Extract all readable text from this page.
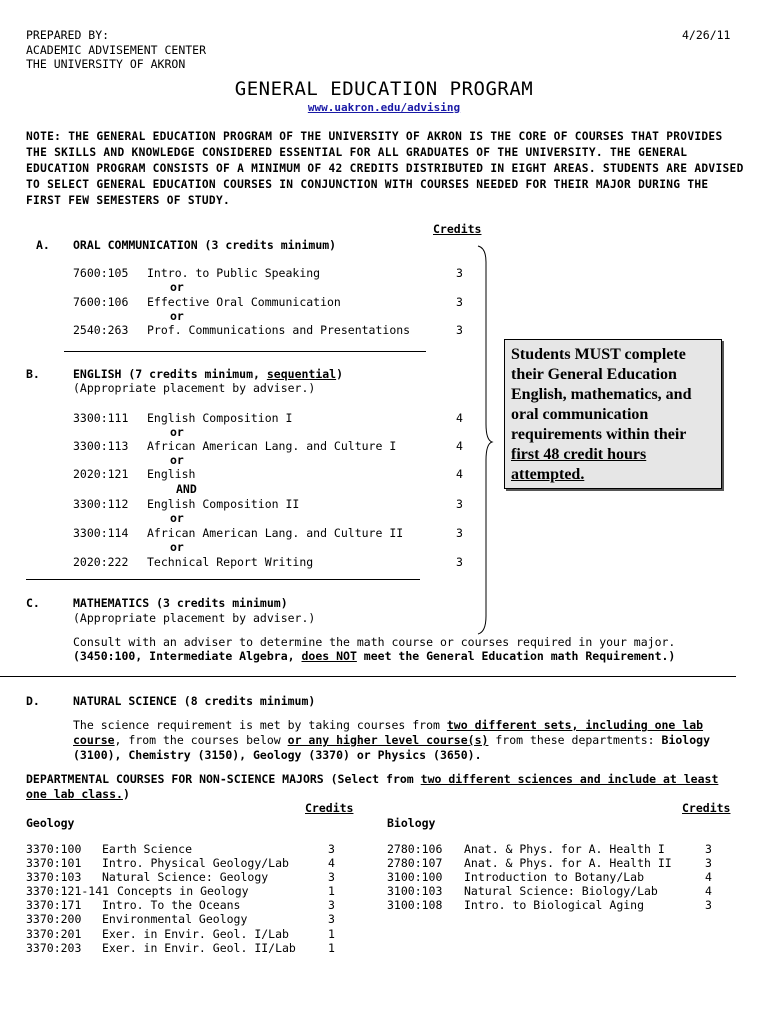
PREPARED BY:
ACADEMIC ADVISEMENT CENTER
THE UNIVERSITY OF AKRON
4/26/11
GENERAL EDUCATION PROGRAM
www.uakron.edu/advising
NOTE: THE GENERAL EDUCATION PROGRAM OF THE UNIVERSITY OF AKRON IS THE CORE OF COURSES THAT PROVIDES THE SKILLS AND KNOWLEDGE CONSIDERED ESSENTIAL FOR ALL GRADUATES OF THE UNIVERSITY. THE GENERAL EDUCATION PROGRAM CONSISTS OF A MINIMUM OF 42 CREDITS DISTRIBUTED IN EIGHT AREAS. STUDENTS ARE ADVISED TO SELECT GENERAL EDUCATION COURSES IN CONJUNCTION WITH COURSES NEEDED FOR THEIR MAJOR DURING THE FIRST FEW SEMESTERS OF STUDY.
Credits
A. ORAL COMMUNICATION (3 credits minimum)
7600:105 Intro. to Public Speaking	3
or
7600:106 Effective Oral Communication	3
or
2540:263 Prof. Communications and Presentations	3
B.	ENGLISH (7 credits minimum, sequential)
(Appropriate placement by adviser.)
3300:111 English Composition I	4
or
3300:113 African American Lang. and Culture I	4
or
2020:121 English	4
AND
3300:112 English Composition II	3
or
3300:114 African American Lang. and Culture II	3
or
2020:222 Technical Report Writing	3
Students MUST complete their General Education English, mathematics, and oral communication requirements within their first 48 credit hours attempted.
C.	MATHEMATICS (3 credits minimum)
(Appropriate placement by adviser.)
Consult with an adviser to determine the math course or courses required in your major.
(3450:100, Intermediate Algebra, does NOT meet the General Education math Requirement.)
D.	NATURAL SCIENCE (8 credits minimum)
The science requirement is met by taking courses from two different sets, including one lab course, from the courses below or any higher level course(s) from these departments: Biology (3100), Chemistry (3150), Geology (3370) or Physics (3650).
DEPARTMENTAL COURSES FOR NON-SCIENCE MAJORS (Select from two different sciences and include at least one lab class.)
Geology
Credits
3370:100 Earth Science	3
3370:101 Intro. Physical Geology/Lab	4
3370:103 Natural Science: Geology	3
3370:121-141 Concepts in Geology	1
3370:171 Intro. To the Oceans	3
3370:200 Environmental Geology	3
3370:201 Exer. in Envir. Geol. I/Lab	1
3370:203 Exer. in Envir. Geol. II/Lab	1
Biology
Credits
2780:106 Anat. & Phys. for A. Health I	3
2780:107 Anat. & Phys. for A. Health II	3
3100:100 Introduction to Botany/Lab	4
3100:103 Natural Science: Biology/Lab	4
3100:108 Intro. to Biological Aging	3
